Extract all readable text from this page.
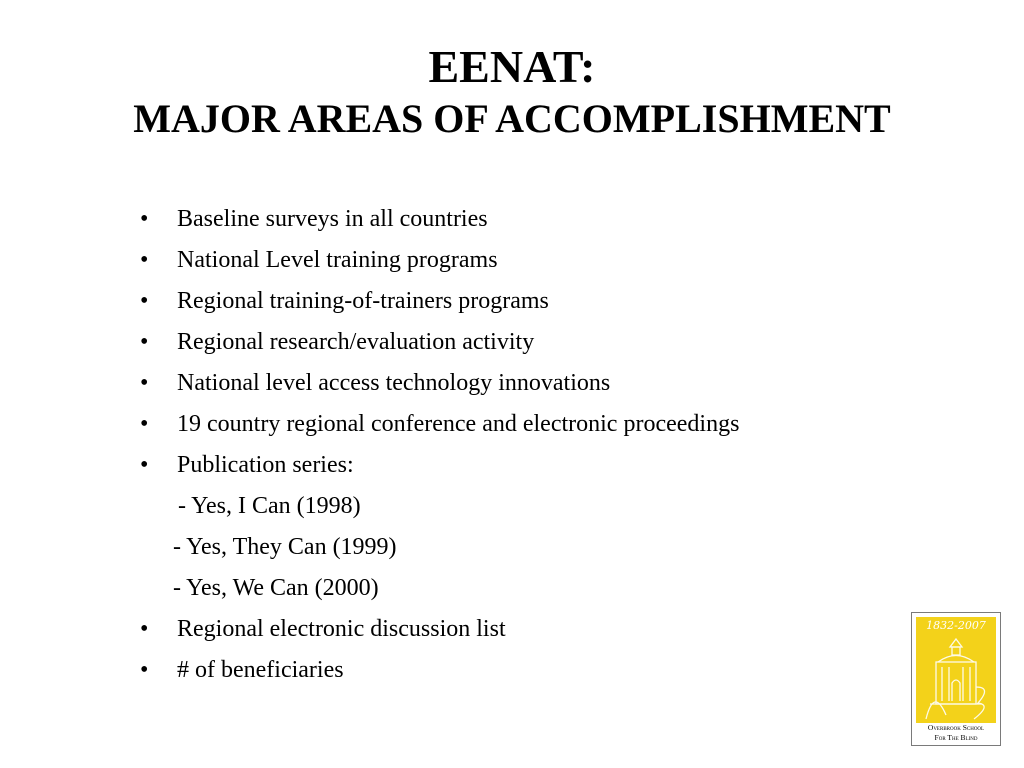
EENAT:
MAJOR AREAS OF ACCOMPLISHMENT
• Baseline surveys in all countries
• National Level training programs
• Regional training-of-trainers programs
• Regional research/evaluation activity
• National level access technology innovations
• 19 country regional conference and electronic proceedings
• Publication series:
- Yes, I Can (1998)
- Yes, They Can (1999)
- Yes, We Can (2000)
• Regional electronic discussion list
• # of beneficiaries
1832-2007
Overbrook School
For The Blind
